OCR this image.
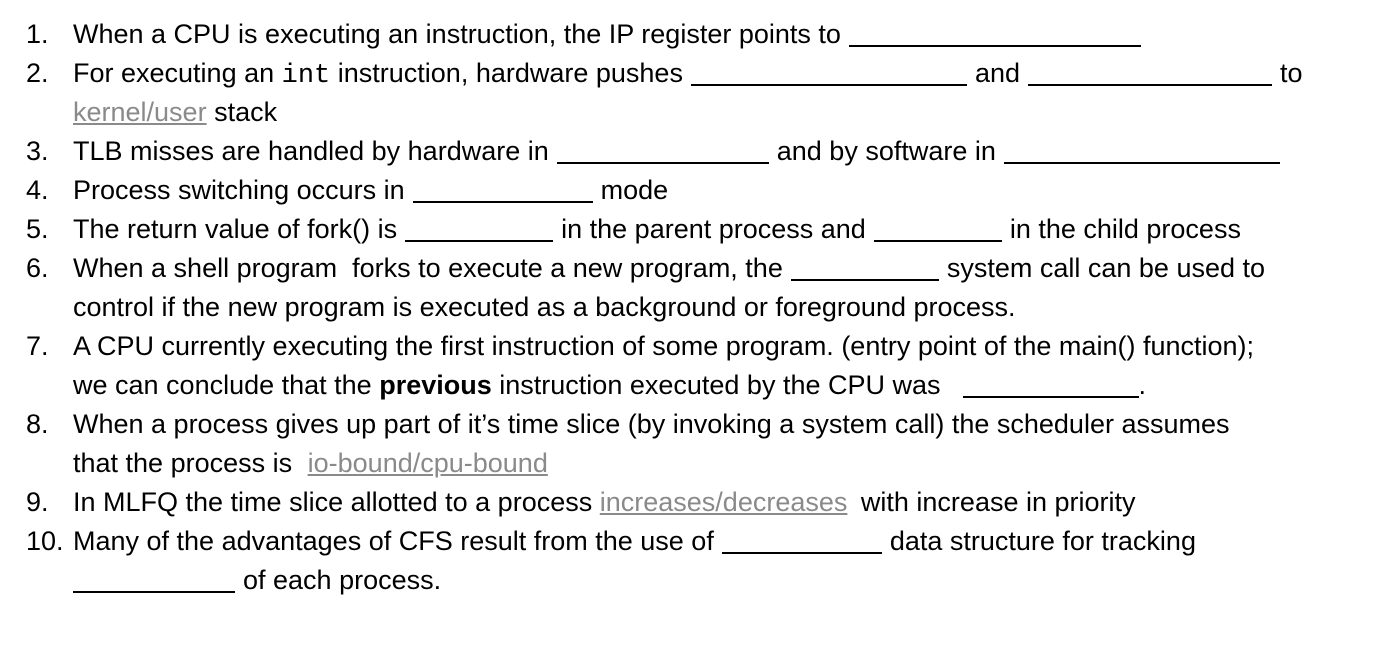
1. When a CPU is executing an instruction, the IP register points to
2. For executing an int instruction, hardware pushes	and	to
kernel/user stack
3. TLB misses are handled by hardware in	and by software in
4. Process switching occurs in	mode
5. The return value of fork() is	in the parent process and	in the child process
6. When a shell program  forks to execute a new program, the	system call can be used to
control if the new program is executed as a background or foreground process.
7. A CPU currently executing the first instruction of some program. (entry point of the main() function);
we can conclude that the previous instruction executed by the CPU was	.
8. When a process gives up part of it’s time slice (by invoking a system call) the scheduler assumes
that the process is io-bound/cpu-bound
9. In MLFQ the time slice allotted to a process increases/decreases with increase in priority
10. Many of the advantages of CFS result from the use of	data structure for tracking
of each process.
